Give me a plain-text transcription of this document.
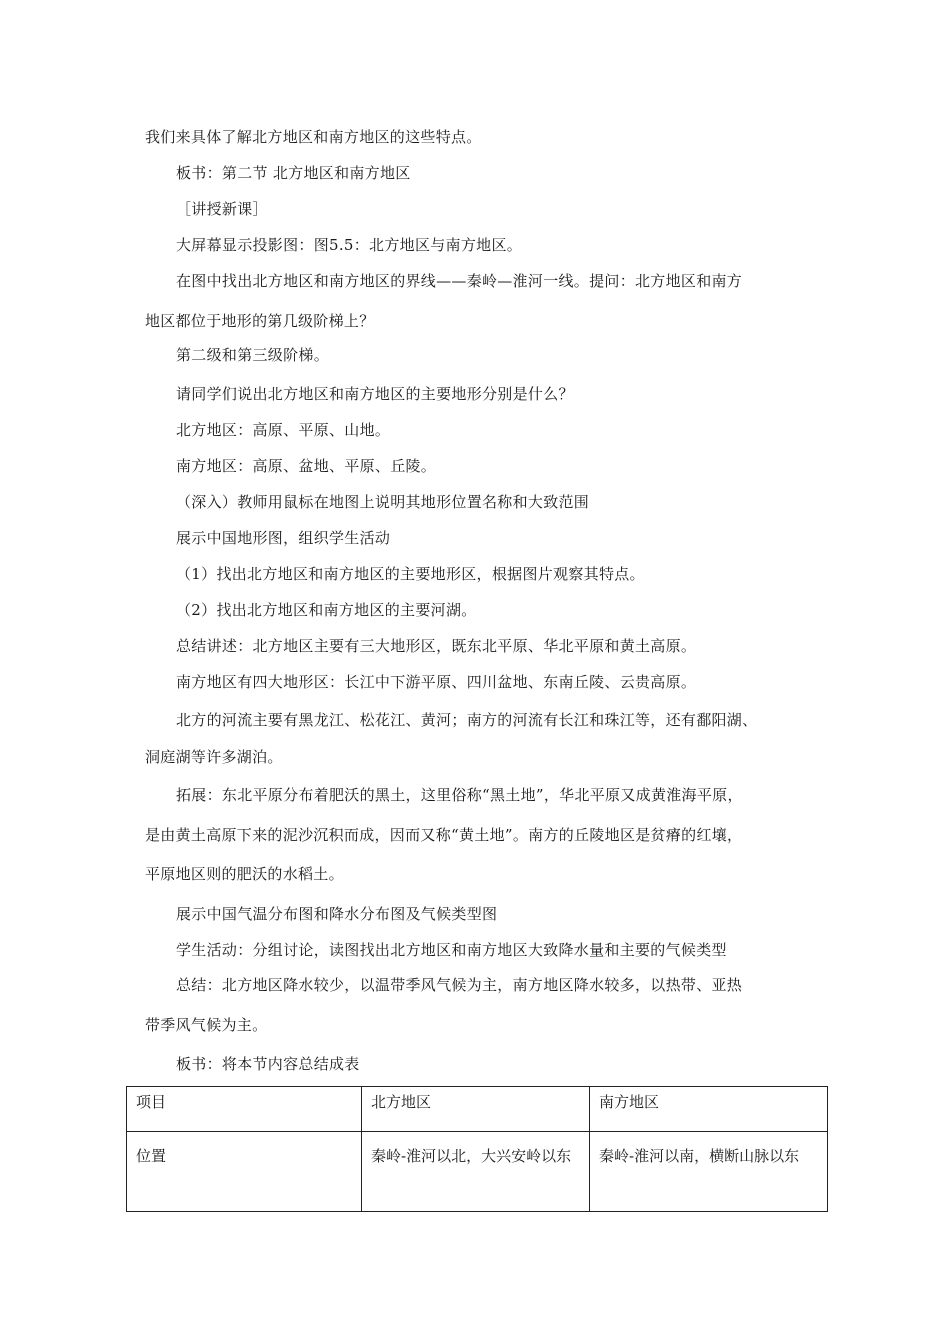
我们来具体了解北方地区和南方地区的这些特点。
板书：第二节 北方地区和南方地区
［讲授新课］
大屏幕显示投影图：图5.5：北方地区与南方地区。
在图中找出北方地区和南方地区的界线——秦岭—淮河一线。提问：北方地区和南方
地区都位于地形的第几级阶梯上？
第二级和第三级阶梯。
请同学们说出北方地区和南方地区的主要地形分别是什么？
北方地区：高原、平原、山地。
南方地区：高原、盆地、平原、丘陵。
（深入）教师用鼠标在地图上说明其地形位置名称和大致范围
展示中国地形图，组织学生活动
（1）找出北方地区和南方地区的主要地形区，根据图片观察其特点。
（2）找出北方地区和南方地区的主要河湖。
总结讲述：北方地区主要有三大地形区，既东北平原、华北平原和黄土高原。
南方地区有四大地形区：长江中下游平原、四川盆地、东南丘陵、云贵高原。
北方的河流主要有黑龙江、松花江、黄河；南方的河流有长江和珠江等，还有鄱阳湖、
洞庭湖等许多湖泊。
拓展：东北平原分布着肥沃的黑土，这里俗称“黑土地”，华北平原又成黄淮海平原，
是由黄土高原下来的泥沙沉积而成，因而又称“黄土地”。南方的丘陵地区是贫瘠的红壤，
平原地区则的肥沃的水稻土。
展示中国气温分布图和降水分布图及气候类型图
学生活动：分组讨论，读图找出北方地区和南方地区大致降水量和主要的气候类型
总结：北方地区降水较少，以温带季风气候为主，南方地区降水较多，以热带、亚热
带季风气候为主。
板书：将本节内容总结成表
项目	北方地区	南方地区
位置	秦岭-淮河以北，大兴安岭以东	秦岭-淮河以南，横断山脉以东
